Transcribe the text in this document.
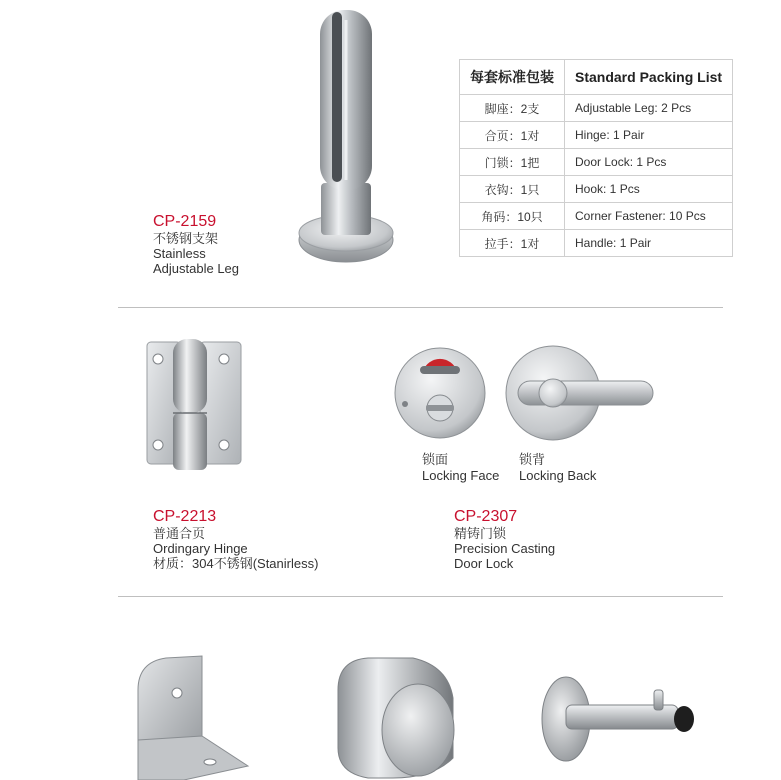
每套标准包装	Standard Packing List
脚座：2支	Adjustable Leg: 2 Pcs
合页：1对	Hinge: 1 Pair
门锁：1把	Door Lock: 1 Pcs
衣钩：1只	Hook: 1 Pcs
角码：10只	Corner Fastener: 10 Pcs
拉手：1对	Handle: 1 Pair
CP-2159
不锈钢支架
Stainless
Adjustable Leg
锁面
Locking Face
锁背
Locking Back
CP-2213
普通合页
Ordingary Hinge
材质：304不锈钢(Stanirless)
CP-2307
精铸门锁
Precision Casting
Door Lock
